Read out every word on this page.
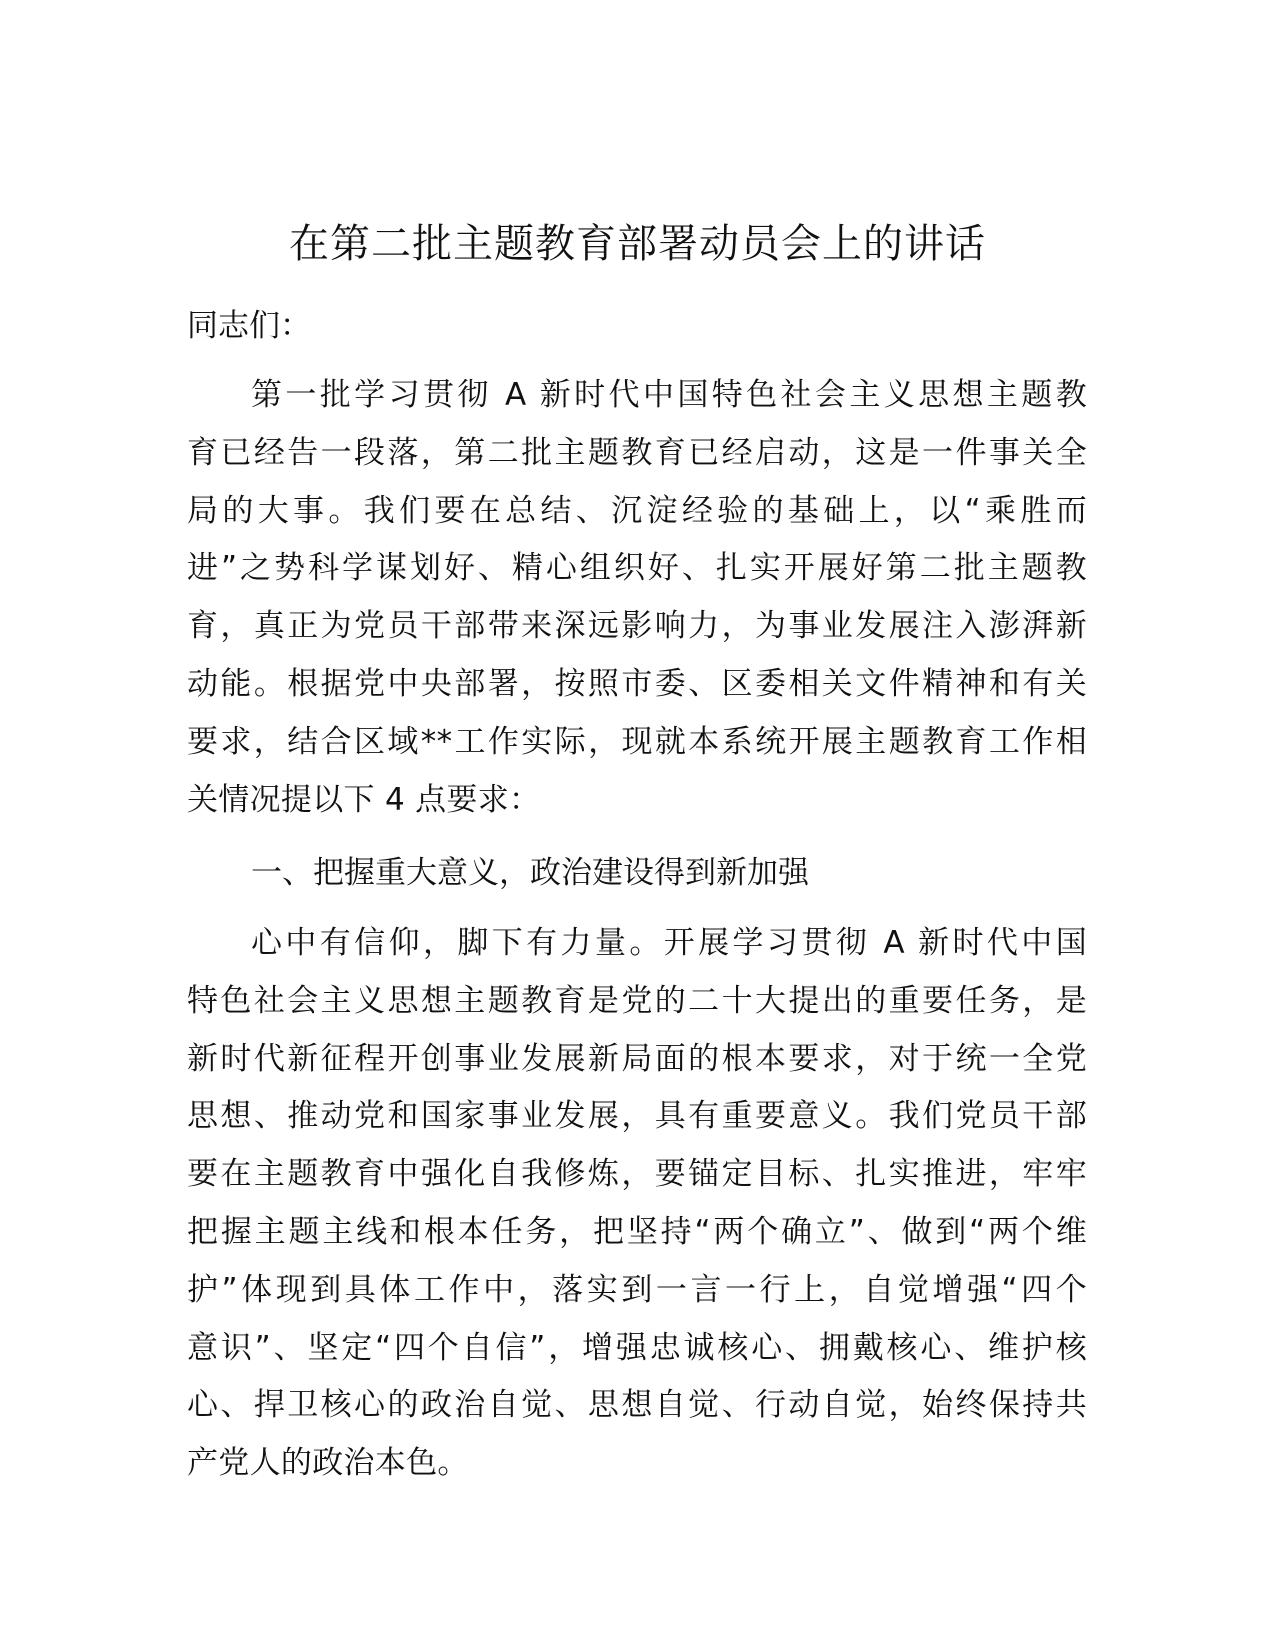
在第二批主题教育部署动员会上的讲话
同志们：
第一批学习贯彻 A 新时代中国特色社会主义思想主题教
育已经告一段落，第二批主题教育已经启动，这是一件事关全
局的大事。我们要在总结、沉淀经验的基础上，以“乘胜而
进”之势科学谋划好、精心组织好、扎实开展好第二批主题教
育，真正为党员干部带来深远影响力，为事业发展注入澎湃新
动能。根据党中央部署，按照市委、区委相关文件精神和有关
要求，结合区域**工作实际，现就本系统开展主题教育工作相
关情况提以下 4 点要求：
一、把握重大意义，政治建设得到新加强
心中有信仰，脚下有力量。开展学习贯彻 A 新时代中国
特色社会主义思想主题教育是党的二十大提出的重要任务，是
新时代新征程开创事业发展新局面的根本要求，对于统一全党
思想、推动党和国家事业发展，具有重要意义。我们党员干部
要在主题教育中强化自我修炼，要锚定目标、扎实推进，牢牢
把握主题主线和根本任务，把坚持“两个确立”、做到“两个维
护”体现到具体工作中，落实到一言一行上，自觉增强“四个
意识”、坚定“四个自信”，增强忠诚核心、拥戴核心、维护核
心、捍卫核心的政治自觉、思想自觉、行动自觉，始终保持共
产党人的政治本色。
